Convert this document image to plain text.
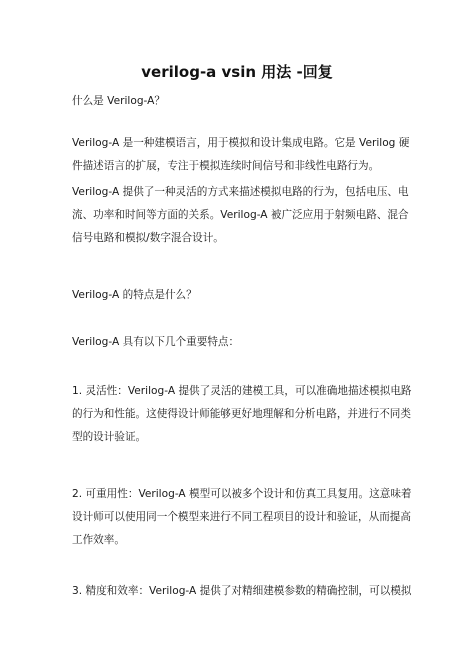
verilog-a vsin 用法 -回复
什么是 Verilog-A？
Verilog-A 是一种建模语言，用于模拟和设计集成电路。它是 Verilog 硬
件描述语言的扩展，专注于模拟连续时间信号和非线性电路行为。
Verilog-A 提供了一种灵活的方式来描述模拟电路的行为，包括电压、电
流、功率和时间等方面的关系。Verilog-A 被广泛应用于射频电路、混合
信号电路和模拟/数字混合设计。
Verilog-A 的特点是什么？
Verilog-A 具有以下几个重要特点：
1. 灵活性：Verilog-A 提供了灵活的建模工具，可以准确地描述模拟电路
的行为和性能。这使得设计师能够更好地理解和分析电路，并进行不同类
型的设计验证。
2. 可重用性：Verilog-A 模型可以被多个设计和仿真工具复用。这意味着
设计师可以使用同一个模型来进行不同工程项目的设计和验证，从而提高
工作效率。
3. 精度和效率：Verilog-A 提供了对精细建模参数的精确控制，可以模拟
